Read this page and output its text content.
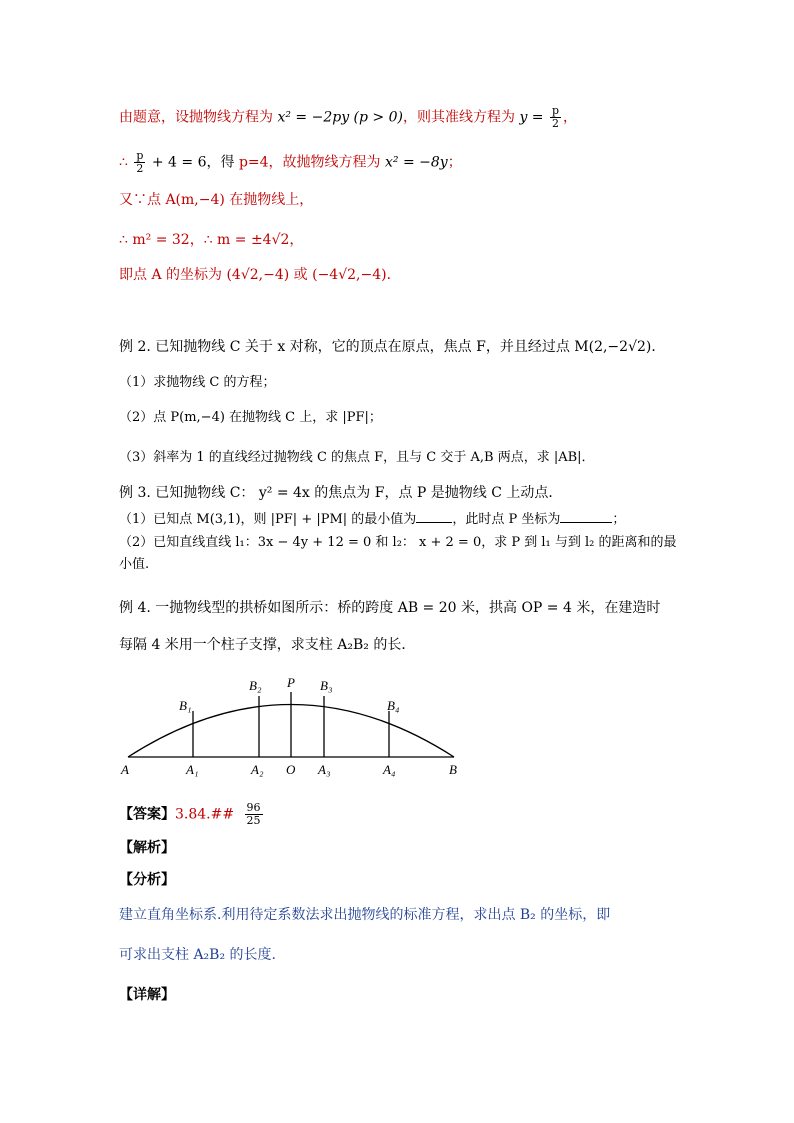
由题意，设抛物线方程为 x² = −2py (p > 0)，则其准线方程为 $y = \frac{p}{2}$ ，
∴ $\frac{p}{2} + 4 = 6$，得 p=4，故抛物线方程为 x² = −8y；
又∵点 A(m,−4) 在抛物线上，
∴ m² = 32，∴ m = ±4√2，
即点 A 的坐标为 (4√2,−4) 或 (−4√2,−4)．
例 2. 已知抛物线 C 关于 x 对称，它的顶点在原点，焦点 F，并且经过点 M(2,−2√2)．
（1）求抛物线 C 的方程；
（2）点 P(m,−4) 在抛物线 C 上，求 |PF|；
（3）斜率为 1 的直线经过抛物线 C 的焦点 F，且与 C 交于 A,B 两点，求 |AB|．
例 3. 已知抛物线 C： y² = 4x 的焦点为 F，点 P 是抛物线 C 上动点．
（1）已知点 M(3,1)，则 |PF| + |PM| 的最小值为	，此时点 P 坐标为	；
（2）已知直线直线 l₁：3x − 4y + 12 = 0 和 l₂： x + 2 = 0，求 P 到 l₁ 与到 l₂ 的距离和的最
小值.
例 4. 一抛物线型的拱桥如图所示：桥的跨度 AB = 20 米，拱高 OP = 4 米，在建造时
每隔 4 米用一个柱子支撑，求支柱 A₂B₂ 的长．
A	A₁	A₂ O A₃	A₄	B
B₁
B₂ P B₃
B₄
【答案】3.84.## $\frac{96}{25}$
【解析】
【分析】
建立直角坐标系.利用待定系数法求出抛物线的标准方程，求出点 B₂ 的坐标，即
可求出支柱 A₂B₂ 的长度.
【详解】
